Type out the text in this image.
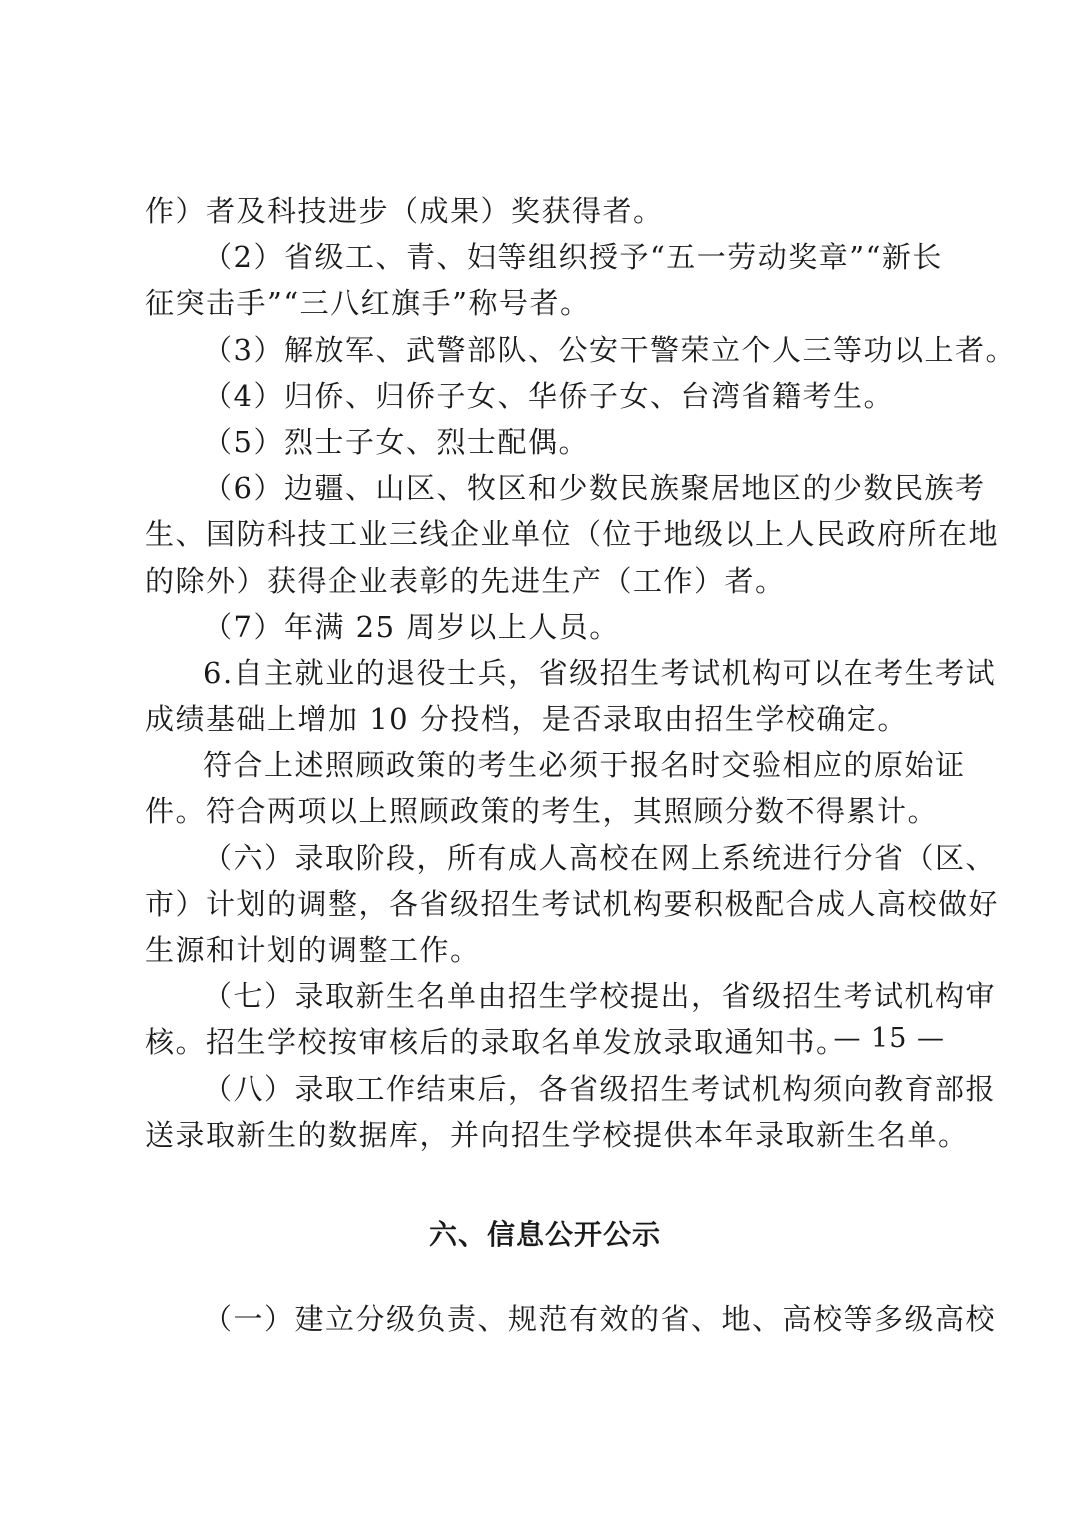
作）者及科技进步（成果）奖获得者。
（2）省级工、青、妇等组织授予“五一劳动奖章”“新长
征突击手”“三八红旗手”称号者。
（3）解放军、武警部队、公安干警荣立个人三等功以上者。
（4）归侨、归侨子女、华侨子女、台湾省籍考生。
（5）烈士子女、烈士配偶。
（6）边疆、山区、牧区和少数民族聚居地区的少数民族考
生、国防科技工业三线企业单位（位于地级以上人民政府所在地
的除外）获得企业表彰的先进生产（工作）者。
（7）年满 25 周岁以上人员。
6.自主就业的退役士兵，省级招生考试机构可以在考生考试
成绩基础上增加 10 分投档，是否录取由招生学校确定。
符合上述照顾政策的考生必须于报名时交验相应的原始证
件。符合两项以上照顾政策的考生，其照顾分数不得累计。
（六）录取阶段，所有成人高校在网上系统进行分省（区、
市）计划的调整，各省级招生考试机构要积极配合成人高校做好
生源和计划的调整工作。
（七）录取新生名单由招生学校提出，省级招生考试机构审
核。招生学校按审核后的录取名单发放录取通知书。
（八）录取工作结束后，各省级招生考试机构须向教育部报
送录取新生的数据库，并向招生学校提供本年录取新生名单。
六、信息公开公示
（一）建立分级负责、规范有效的省、地、高校等多级高校
— 15 —
